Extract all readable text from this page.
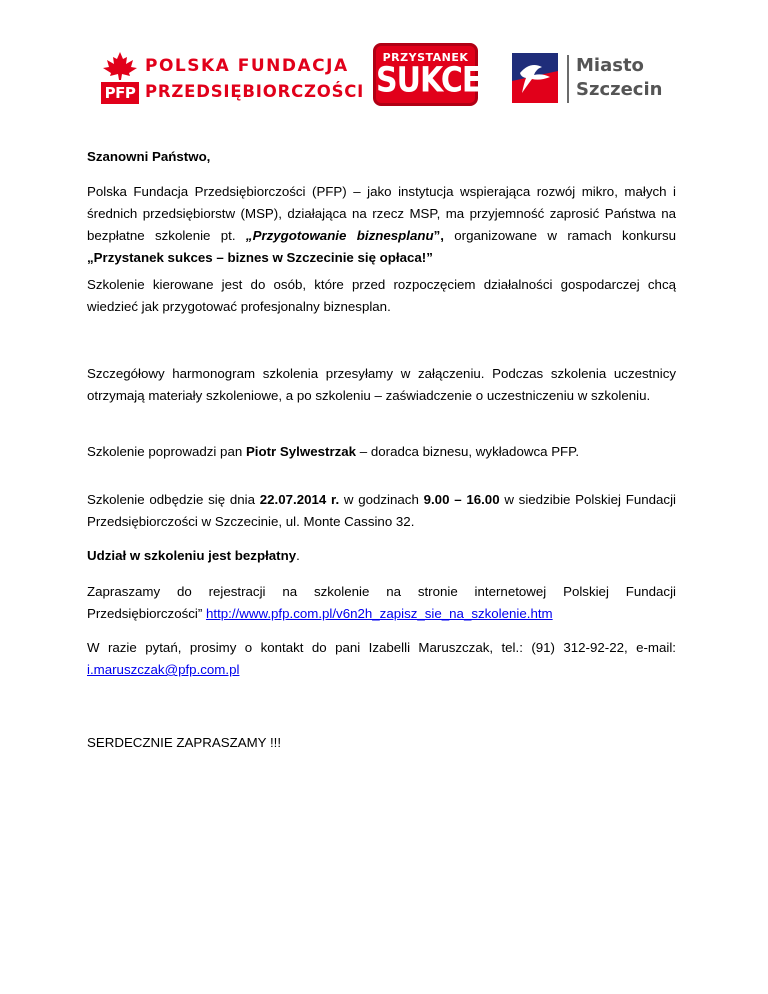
PFP
POLSKA FUNDACJA
PRZEDSIĘBIORCZOŚCI
PRZYSTANEK
SUKCES	Miasto
Szczecin

Szanowni Państwo,

Polska Fundacja Przedsiębiorczości (PFP) – jako instytucja wspierająca rozwój mikro, małych i średnich przedsiębiorstw (MSP), działająca na rzecz MSP, ma przyjemność zaprosić Państwa na bezpłatne szkolenie pt. „Przygotowanie biznesplanu”, organizowane w ramach konkursu „Przystanek sukces – biznes w Szczecinie się opłaca!”

Szkolenie kierowane jest do osób, które przed rozpoczęciem działalności gospodarczej chcą wiedzieć jak przygotować profesjonalny biznesplan.

Szczegółowy harmonogram szkolenia przesyłamy w załączeniu. Podczas szkolenia uczestnicy otrzymają materiały szkoleniowe, a po szkoleniu – zaświadczenie o uczestniczeniu w szkoleniu.

Szkolenie poprowadzi pan Piotr Sylwestrzak – doradca biznesu, wykładowca PFP.

Szkolenie odbędzie się dnia 22.07.2014 r. w godzinach 9.00 – 16.00 w siedzibie Polskiej Fundacji Przedsiębiorczości w Szczecinie, ul. Monte Cassino 32.

Udział w szkoleniu jest bezpłatny.

Zapraszamy do rejestracji na szkolenie na stronie internetowej Polskiej Fundacji Przedsiębiorczości” http://www.pfp.com.pl/v6n2h_zapisz_sie_na_szkolenie.htm

W razie pytań, prosimy o kontakt do pani Izabelli Maruszczak, tel.: (91) 312-92-22, e-mail: i.maruszczak@pfp.com.pl

SERDECZNIE ZAPRASZAMY !!!
